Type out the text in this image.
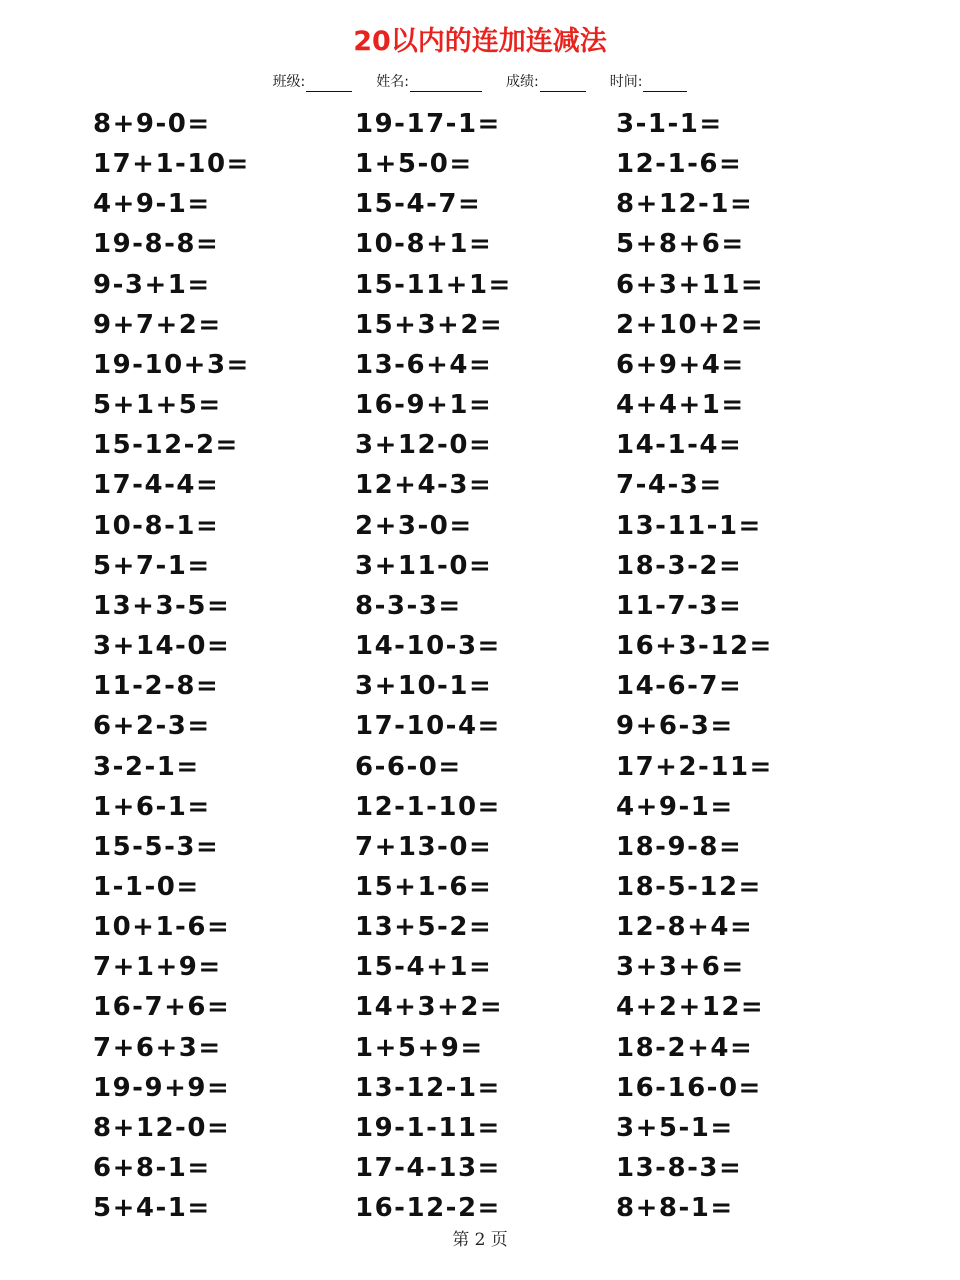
20以内的连加连减法
班级:	姓名:	成绩:	时间:
8+9-0=	19-17-1=	3-1-1=
17+1-10=	1+5-0=	12-1-6=
4+9-1=	15-4-7=	8+12-1=
19-8-8=	10-8+1=	5+8+6=
9-3+1=	15-11+1=	6+3+11=
9+7+2=	15+3+2=	2+10+2=
19-10+3=	13-6+4=	6+9+4=
5+1+5=	16-9+1=	4+4+1=
15-12-2=	3+12-0=	14-1-4=
17-4-4=	12+4-3=	7-4-3=
10-8-1=	2+3-0=	13-11-1=
5+7-1=	3+11-0=	18-3-2=
13+3-5=	8-3-3=	11-7-3=
3+14-0=	14-10-3=	16+3-12=
11-2-8=	3+10-1=	14-6-7=
6+2-3=	17-10-4=	9+6-3=
3-2-1=	6-6-0=	17+2-11=
1+6-1=	12-1-10=	4+9-1=
15-5-3=	7+13-0=	18-9-8=
1-1-0=	15+1-6=	18-5-12=
10+1-6=	13+5-2=	12-8+4=
7+1+9=	15-4+1=	3+3+6=
16-7+6=	14+3+2=	4+2+12=
7+6+3=	1+5+9=	18-2+4=
19-9+9=	13-12-1=	16-16-0=
8+12-0=	19-1-11=	3+5-1=
6+8-1=	17-4-13=	13-8-3=
5+4-1=	16-12-2=	8+8-1=
第 2 页
